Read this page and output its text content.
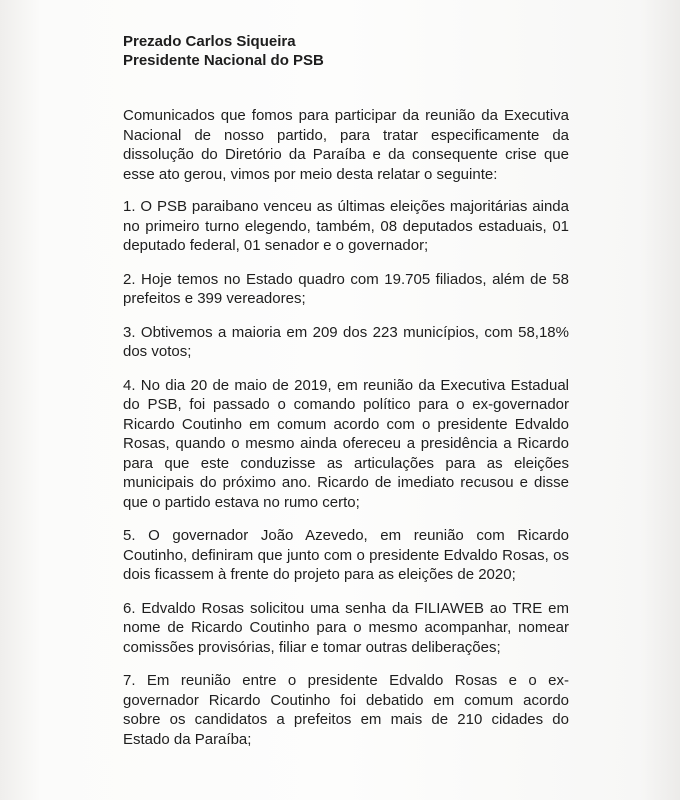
Prezado Carlos Siqueira

Presidente Nacional do PSB

Comunicados que fomos para participar da reunião da Executiva Nacional de nosso partido, para tratar especificamente da dissolução do Diretório da Paraíba e da consequente crise que esse ato gerou, vimos por meio desta relatar o seguinte:

1. O PSB paraibano venceu as últimas eleições majoritárias ainda no primeiro turno elegendo, também, 08 deputados estaduais, 01 deputado federal, 01 senador e o governador;

2. Hoje temos no Estado quadro com 19.705 filiados, além de 58 prefeitos e 399 vereadores;

3. Obtivemos a maioria em 209 dos 223 municípios, com 58,18% dos votos;

4. No dia 20 de maio de 2019, em reunião da Executiva Estadual do PSB, foi passado o comando político para o ex-governador Ricardo Coutinho em comum acordo com o presidente Edvaldo Rosas, quando o mesmo ainda ofereceu a presidência a Ricardo para que este conduzisse as articulações para as eleições municipais do próximo ano. Ricardo de imediato recusou e disse que o partido estava no rumo certo;

5. O governador João Azevedo, em reunião com Ricardo Coutinho, definiram que junto com o presidente Edvaldo Rosas, os dois ficassem à frente do projeto para as eleições de 2020;

6. Edvaldo Rosas solicitou uma senha da FILIAWEB ao TRE em nome de Ricardo Coutinho para o mesmo acompanhar, nomear comissões provisórias, filiar e tomar outras deliberações;

7. Em reunião entre o presidente Edvaldo Rosas e o ex-governador Ricardo Coutinho foi debatido em comum acordo sobre os candidatos a prefeitos em mais de 210 cidades do Estado da Paraíba;
